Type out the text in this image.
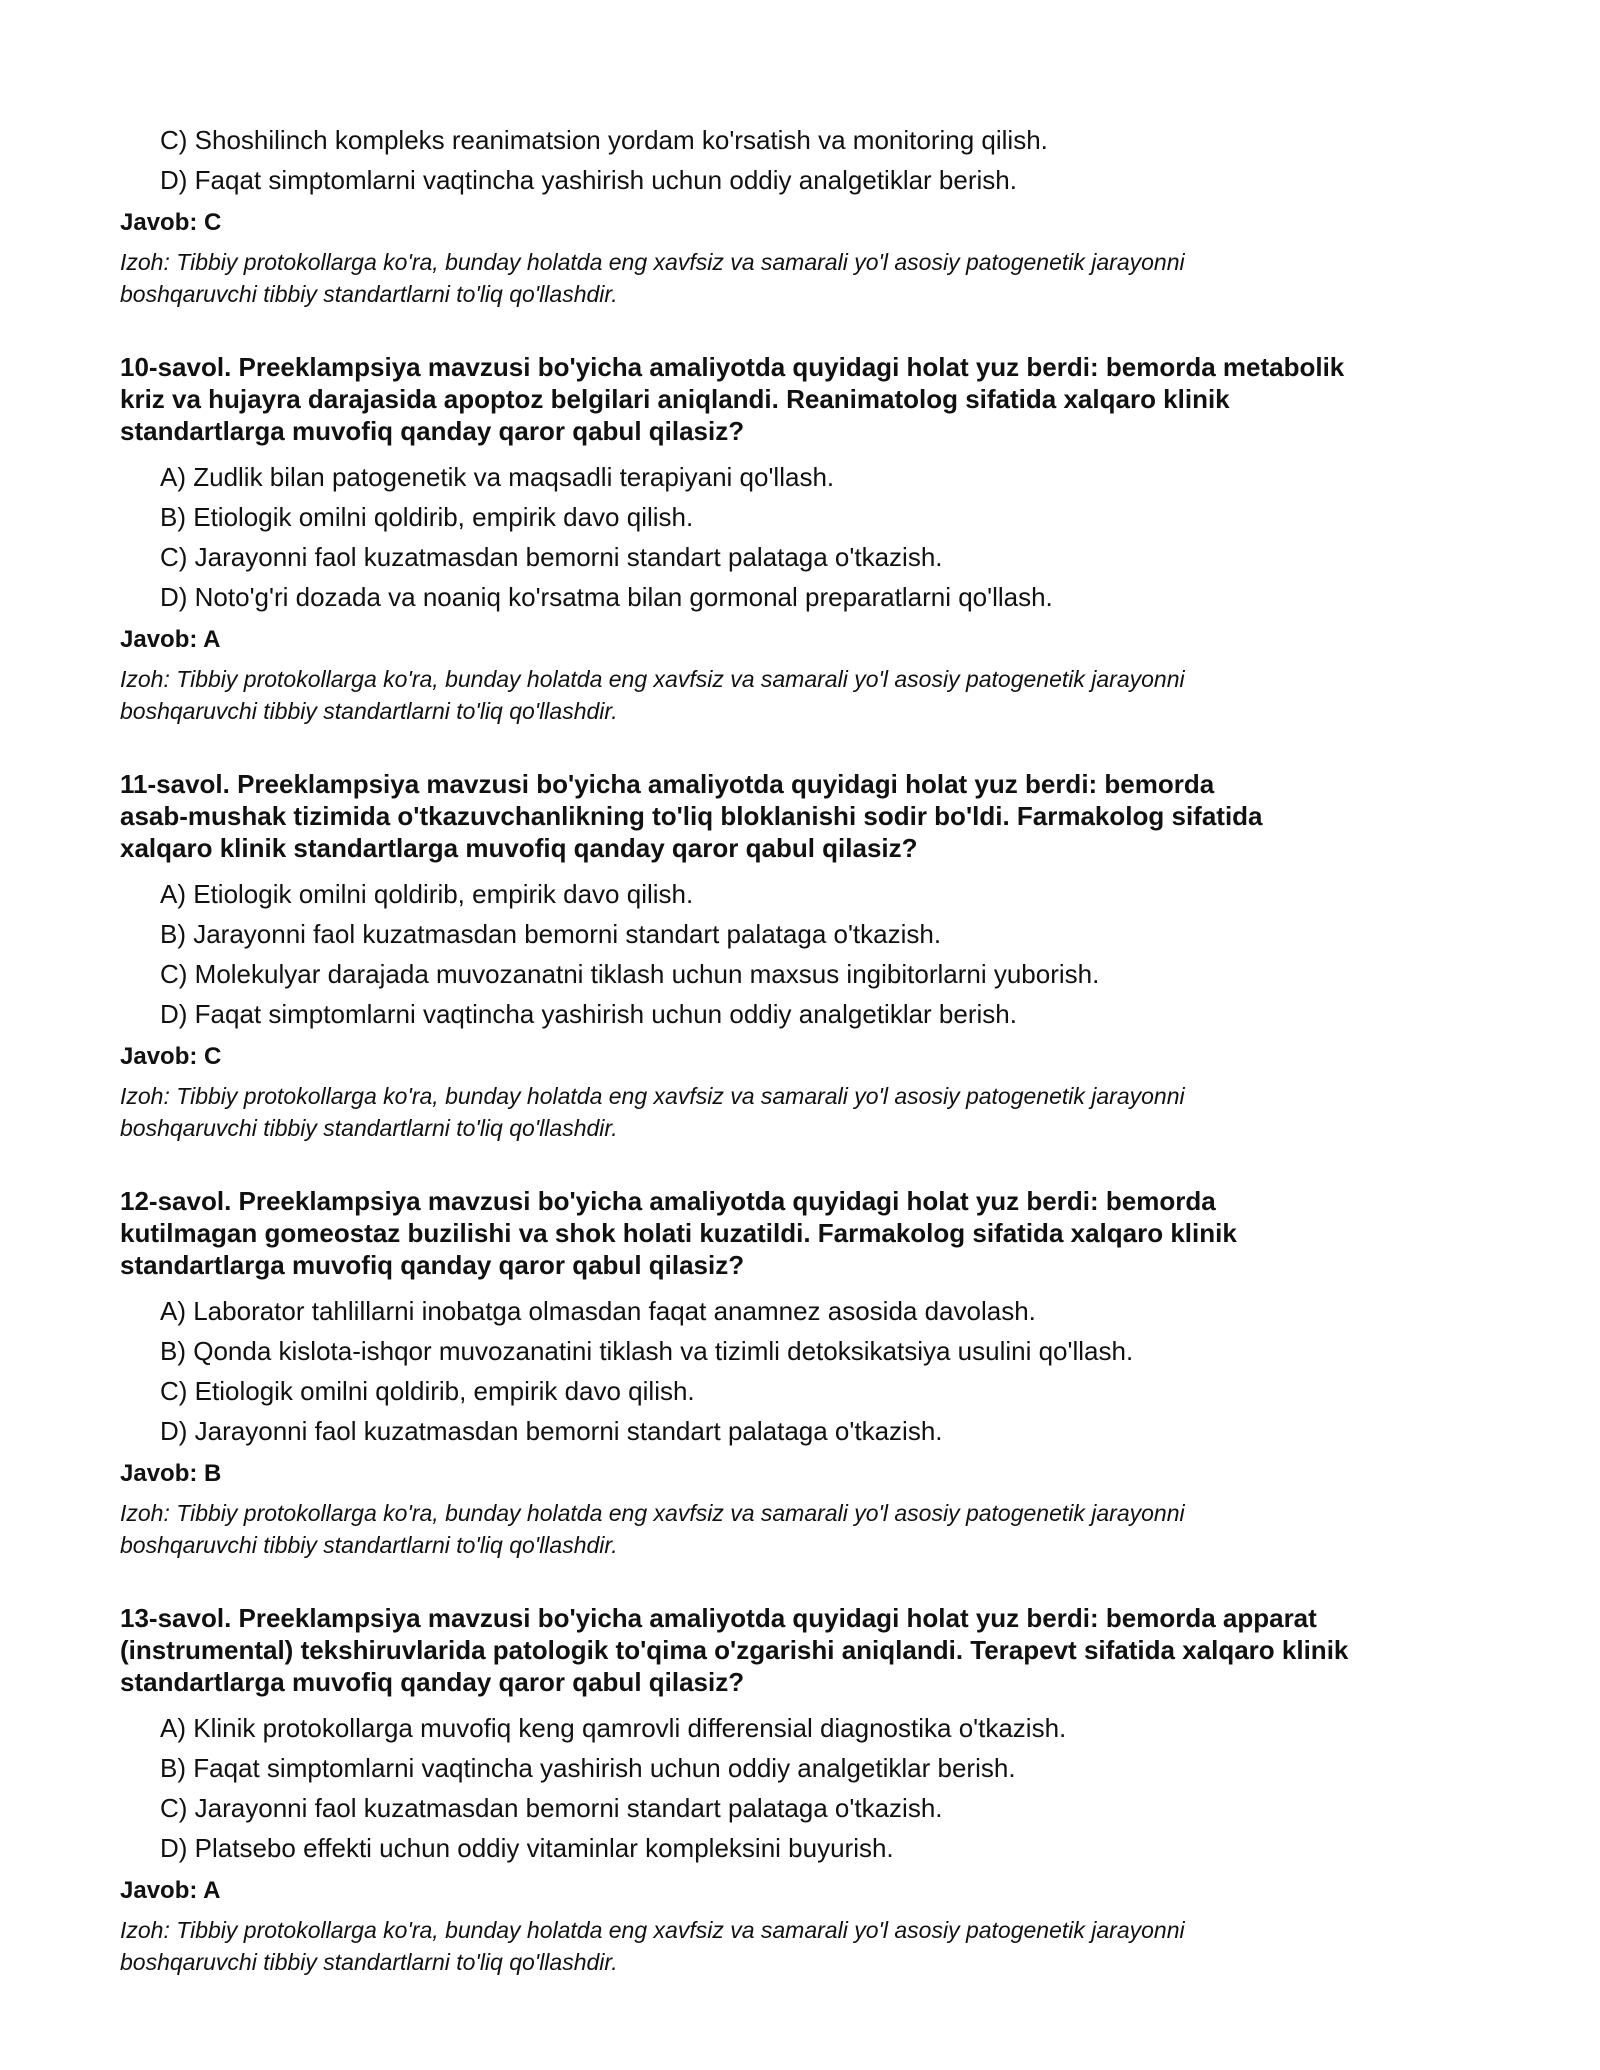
C) Shoshilinch kompleks reanimatsion yordam ko'rsatish va monitoring qilish.
D) Faqat simptomlarni vaqtincha yashirish uchun oddiy analgetiklar berish.
Javob: C
Izoh: Tibbiy protokollarga ko'ra, bunday holatda eng xavfsiz va samarali yo'l asosiy patogenetik jarayonni
boshqaruvchi tibbiy standartlarni to'liq qo'llashdir.
10-savol. Preeklampsiya mavzusi bo'yicha amaliyotda quyidagi holat yuz berdi: bemorda metabolik
kriz va hujayra darajasida apoptoz belgilari aniqlandi. Reanimatolog sifatida xalqaro klinik
standartlarga muvofiq qanday qaror qabul qilasiz?
A) Zudlik bilan patogenetik va maqsadli terapiyani qo'llash.
B) Etiologik omilni qoldirib, empirik davo qilish.
C) Jarayonni faol kuzatmasdan bemorni standart palataga o'tkazish.
D) Noto'g'ri dozada va noaniq ko'rsatma bilan gormonal preparatlarni qo'llash.
Javob: A
Izoh: Tibbiy protokollarga ko'ra, bunday holatda eng xavfsiz va samarali yo'l asosiy patogenetik jarayonni
boshqaruvchi tibbiy standartlarni to'liq qo'llashdir.
11-savol. Preeklampsiya mavzusi bo'yicha amaliyotda quyidagi holat yuz berdi: bemorda
asab-mushak tizimida o'tkazuvchanlikning to'liq bloklanishi sodir bo'ldi. Farmakolog sifatida
xalqaro klinik standartlarga muvofiq qanday qaror qabul qilasiz?
A) Etiologik omilni qoldirib, empirik davo qilish.
B) Jarayonni faol kuzatmasdan bemorni standart palataga o'tkazish.
C) Molekulyar darajada muvozanatni tiklash uchun maxsus ingibitorlarni yuborish.
D) Faqat simptomlarni vaqtincha yashirish uchun oddiy analgetiklar berish.
Javob: C
Izoh: Tibbiy protokollarga ko'ra, bunday holatda eng xavfsiz va samarali yo'l asosiy patogenetik jarayonni
boshqaruvchi tibbiy standartlarni to'liq qo'llashdir.
12-savol. Preeklampsiya mavzusi bo'yicha amaliyotda quyidagi holat yuz berdi: bemorda
kutilmagan gomeostaz buzilishi va shok holati kuzatildi. Farmakolog sifatida xalqaro klinik
standartlarga muvofiq qanday qaror qabul qilasiz?
A) Laborator tahlillarni inobatga olmasdan faqat anamnez asosida davolash.
B) Qonda kislota-ishqor muvozanatini tiklash va tizimli detoksikatsiya usulini qo'llash.
C) Etiologik omilni qoldirib, empirik davo qilish.
D) Jarayonni faol kuzatmasdan bemorni standart palataga o'tkazish.
Javob: B
Izoh: Tibbiy protokollarga ko'ra, bunday holatda eng xavfsiz va samarali yo'l asosiy patogenetik jarayonni
boshqaruvchi tibbiy standartlarni to'liq qo'llashdir.
13-savol. Preeklampsiya mavzusi bo'yicha amaliyotda quyidagi holat yuz berdi: bemorda apparat
(instrumental) tekshiruvlarida patologik to'qima o'zgarishi aniqlandi. Terapevt sifatida xalqaro klinik
standartlarga muvofiq qanday qaror qabul qilasiz?
A) Klinik protokollarga muvofiq keng qamrovli differensial diagnostika o'tkazish.
B) Faqat simptomlarni vaqtincha yashirish uchun oddiy analgetiklar berish.
C) Jarayonni faol kuzatmasdan bemorni standart palataga o'tkazish.
D) Platsebo effekti uchun oddiy vitaminlar kompleksini buyurish.
Javob: A
Izoh: Tibbiy protokollarga ko'ra, bunday holatda eng xavfsiz va samarali yo'l asosiy patogenetik jarayonni
boshqaruvchi tibbiy standartlarni to'liq qo'llashdir.
